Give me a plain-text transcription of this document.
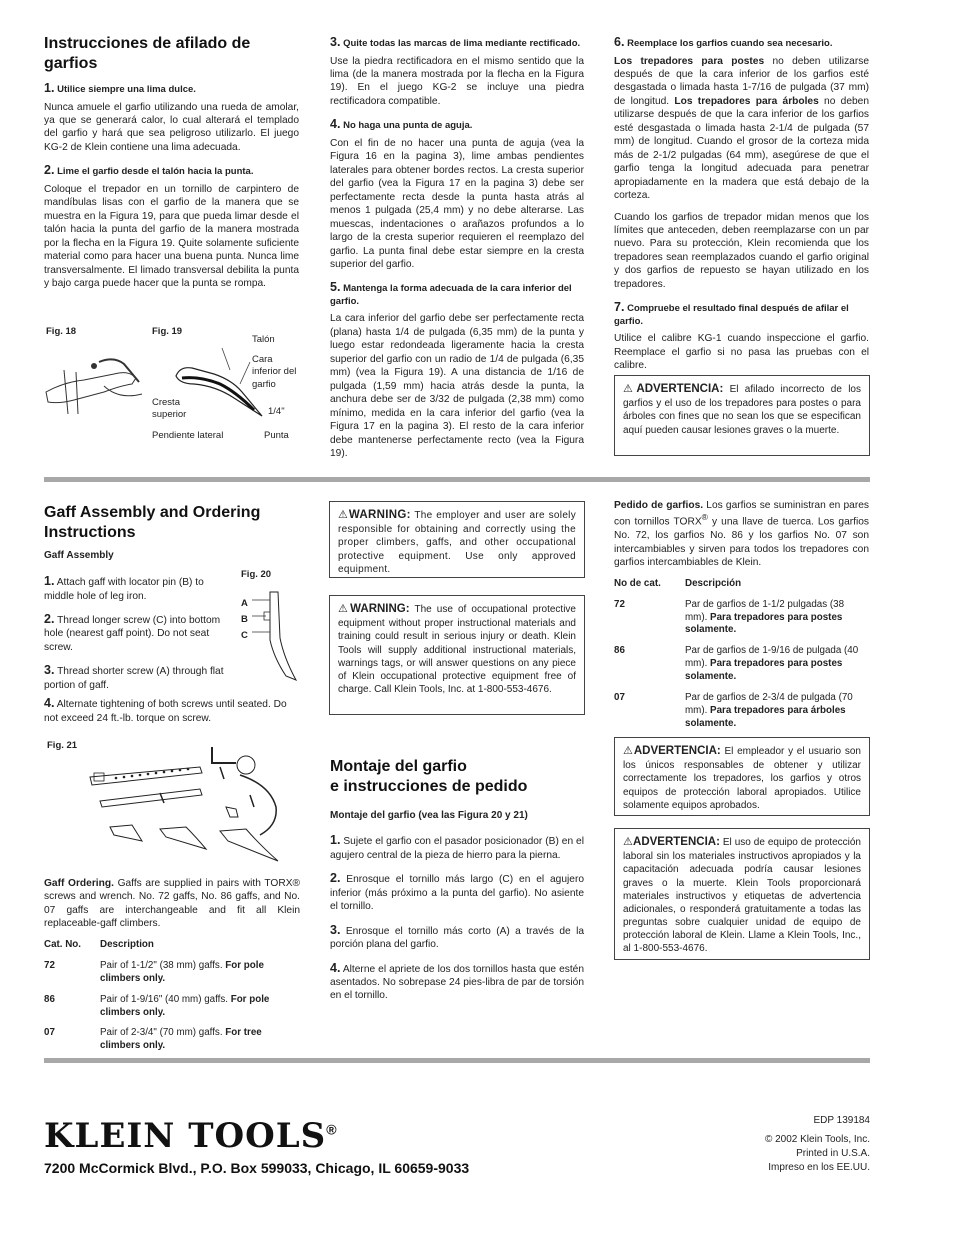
Instrucciones de afilado de garfios
1. Utilice siempre una lima dulce.

Nunca amuele el garfio utilizando una rueda de amolar, ya que se generará calor, lo cual alterará el templado del garfio y hará que sea peligroso utilizarlo. El juego KG-2 de Klein contiene una lima adecuada.

2. Lime el garfio desde el talón hacia la punta.

Coloque el trepador en un tornillo de carpintero de mandíbulas lisas con el garfio de la manera que se muestra en la Figura 19, para que pueda limar desde el talón hacia la punta del garfio de la manera mostrada por la flecha en la Figura 19. Quite solamente suficiente material como para hacer una buena punta. Nunca lime transversalmente. El limado transversal debilita la punta y bajo carga puede hacer que la punta se rompa.

Fig. 18	Fig. 19
Talón
Cara inferior del garfio
Cresta superior	1/4"
Pendiente lateral	Punta
3. Quite todas las marcas de lima mediante rectificado.

Use la piedra rectificadora en el mismo sentido que la lima (de la manera mostrada por la flecha en la Figura 19). En el juego KG-2 se incluye una piedra rectificadora compatible.

4. No haga una punta de aguja.

Con el fin de no hacer una punta de aguja (vea la Figura 16 en la pagina 3), lime ambas pendientes laterales para obtener bordes rectos. La cresta superior del garfio (vea la Figura 17 en la pagina 3) debe ser perfectamente recta desde la punta hasta atrás al menos 1 pulgada (25,4 mm) y no debe alterarse. Las muescas, indentaciones o arañazos profundos a lo largo de la cresta superior requieren el reemplazo del garfio. La punta final debe estar siempre en la cresta superior del garfio.

5. Mantenga la forma adecuada de la cara inferior del garfio.

La cara inferior del garfio debe ser perfectamente recta (plana) hasta 1/4 de pulgada (6,35 mm) de la punta y luego estar redondeada ligeramente hacia la cresta superior del garfio con un radio de 1/4 de pulgada (6,35 mm) (vea la Figura 19). A una distancia de 1/16 de pulgada (1,59 mm) hacia atrás desde la punta, la anchura debe ser de 3/32 de pulgada (2,38 mm) como mínimo, medida en la cara inferior del garfio (vea la Figura 17 en la pagina 3). El resto de la cara inferior debe mantenerse perfectamente recto (vea la Figura 19).

6. Reemplace los garfios cuando sea necesario.

Los trepadores para postes no deben utilizarse después de que la cara inferior de los garfios esté desgastada o limada hasta 1-7/16 de pulgada (37 mm) de longitud. Los trepadores para árboles no deben utilizarse después de que la cara inferior de los garfios esté desgastada o limada hasta 2-1/4 de pulgada (57 mm) de longitud. Cuando el grosor de la corteza mida más de 2-1/2 pulgadas (64 mm), asegúrese de que el garfio tenga la longitud adecuada para penetrar apropiadamente en la madera que está debajo de la corteza.

Cuando los garfios de trepador midan menos que los límites que anteceden, deben reemplazarse con un par nuevo. Para su protección, Klein recomienda que los trepadores sean reemplazados cuando el garfio original y dos garfios de repuesto se hayan utilizado en los trepadores.

7. Compruebe el resultado final después de afilar el garfio.

Utilice el calibre KG-1 cuando inspeccione el garfio. Reemplace el garfio si no pasa las pruebas con el calibre.

⚠ADVERTENCIA: El afilado incorrecto de los garfios y el uso de los trepadores para postes o para árboles con fines que no sean los que se especifican aquí pueden causar lesiones graves o la muerte.
Gaff Assembly and Ordering Instructions
Gaff Assembly

1. Attach gaff with locator pin (B) to middle hole of leg iron.

2. Thread longer screw (C) into bottom hole (nearest gaff point). Do not seat screw.

3. Thread shorter screw (A) through flat portion of gaff.

4. Alternate tightening of both screws until seated. Do not exceed 24 ft.-lb. torque on screw.

Fig. 20
A
B
C
Fig. 21

Gaff Ordering. Gaffs are supplied in pairs with TORX® screws and wrench. No. 72 gaffs, No. 86 gaffs, and No. 07 gaffs are interchangeable and fit all Klein replaceable-gaff climbers.

Cat. No.	Description
72	Pair of 1-1/2" (38 mm) gaffs. For pole climbers only.
86	Pair of 1-9/16" (40 mm) gaffs. For pole climbers only.
07	Pair of 2-3/4" (70 mm) gaffs. For tree climbers only.
⚠WARNING: The employer and user are solely responsible for obtaining and correctly using the proper climbers, gaffs, and other occupational protective equipment. Use only approved equipment.
⚠WARNING: The use of occupational protective equipment without proper instructional materials and training could result in serious injury or death. Klein Tools will supply additional instructional materials, warnings tags, or will answer questions on any piece of Klein occupational protective equipment free of charge. Call Klein Tools, Inc. at 1-800-553-4676.
Montaje del garfio
e instrucciones de pedido
Montaje del garfio (vea las Figura 20 y 21)

1. Sujete el garfio con el pasador posicionador (B) en el agujero central de la pieza de hierro para la pierna.

2. Enrosque el tornillo más largo (C) en el agujero inferior (más próximo a la punta del garfio). No asiente el tornillo.

3. Enrosque el tornillo más corto (A) a través de la porción plana del garfio.

4. Alterne el apriete de los dos tornillos hasta que estén asentados. No sobrepase 24 pies-libra de par de torsión en el tornillo.

Pedido de garfios. Los garfios se suministran en pares con tornillos TORX® y una llave de tuerca. Los garfios No. 72, los garfios No. 86 y los garfios No. 07 son intercambiables y sirven para todos los trepadores con garfios intercambiables de Klein.

No de cat.	Descripción
72	Par de garfios de 1-1/2 pulgadas (38 mm). Para trepadores para postes solamente.
86	Par de garfios de 1-9/16 de pulgada (40 mm). Para trepadores para postes solamente.
07	Par de garfios de 2-3/4 de pulgada (70 mm). Para trepadores para árboles solamente.
⚠ADVERTENCIA: El empleador y el usuario son los únicos responsables de obtener y utilizar correctamente los trepadores, los garfios y otros equipos de protección laboral apropiados. Utilice solamente equipos aprobados.
⚠ADVERTENCIA: El uso de equipo de protección laboral sin los materiales instructivos apropiados y la capacitación adecuada podría causar lesiones graves o la muerte. Klein Tools proporcionará materiales instructivos y etiquetas de advertencia adicionales, o responderá gratuitamente a todas las preguntas sobre cualquier unidad de equipo de protección laboral de Klein. Llame a Klein Tools, Inc., al 1-800-553-4676.
KLEIN TOOLS®
7200 McCormick Blvd., P.O. Box 599033, Chicago, IL 60659-9033
EDP 139184
© 2002 Klein Tools, Inc.
Printed in U.S.A.
Impreso en los EE.UU.
